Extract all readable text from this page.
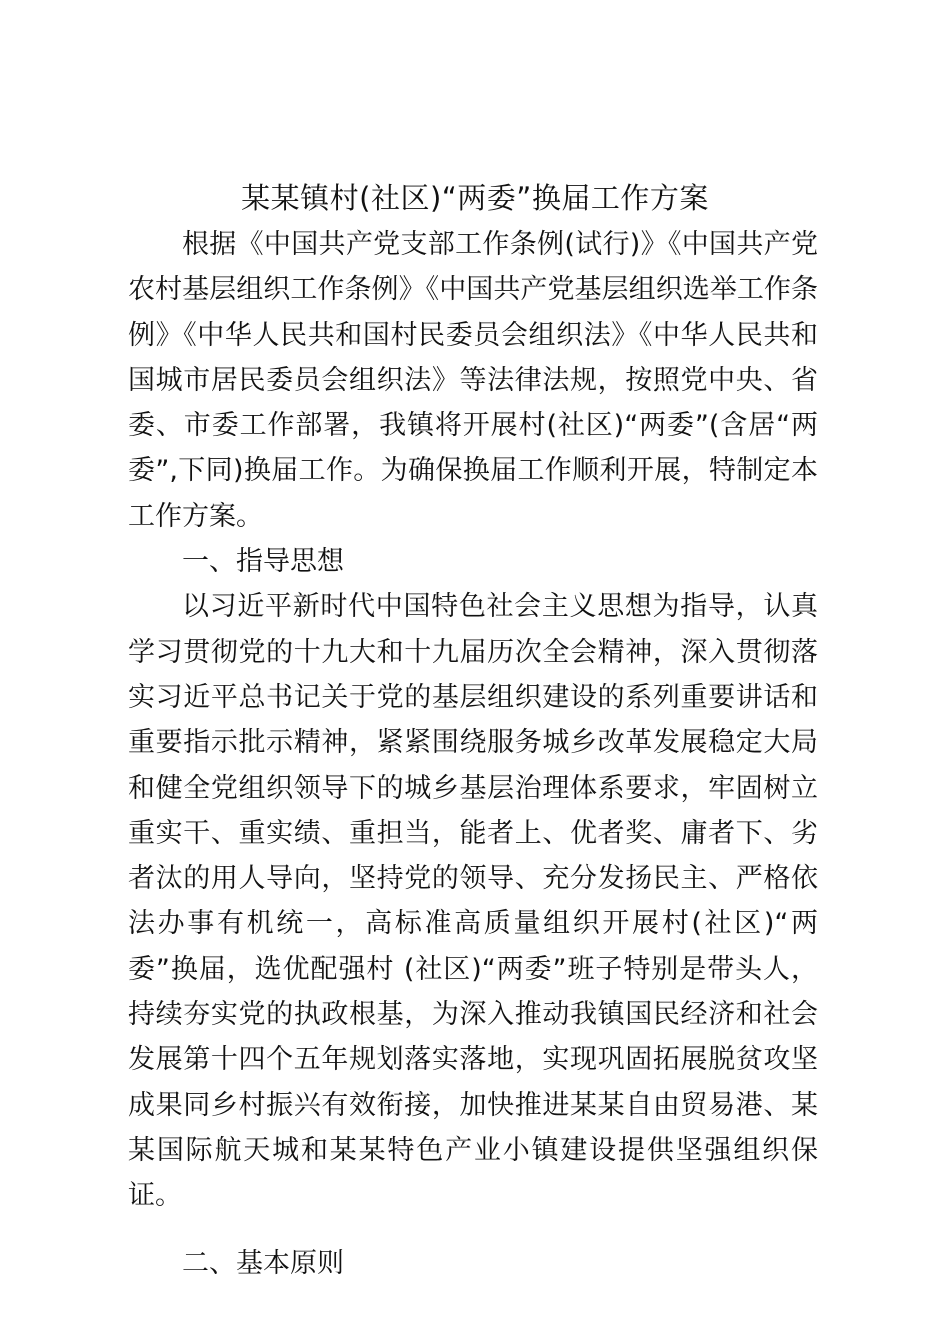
某某镇村(社区)“两委”换届工作方案

根据《中国共产党支部工作条例(试行)》《中国共产党农村基层组织工作条例》《中国共产党基层组织选举工作条例》《中华人民共和国村民委员会组织法》《中华人民共和国城市居民委员会组织法》等法律法规，按照党中央、省委、市委工作部署，我镇将开展村(社区)“两委”(含居“两委”,下同)换届工作。为确保换届工作顺利开展，特制定本工作方案。

一、指导思想

以习近平新时代中国特色社会主义思想为指导，认真学习贯彻党的十九大和十九届历次全会精神，深入贯彻落实习近平总书记关于党的基层组织建设的系列重要讲话和重要指示批示精神，紧紧围绕服务城乡改革发展稳定大局和健全党组织领导下的城乡基层治理体系要求，牢固树立重实干、重实绩、重担当，能者上、优者奖、庸者下、劣者汰的用人导向，坚持党的领导、充分发扬民主、严格依法办事有机统一，高标准高质量组织开展村(社区)“两委”换届，选优配强村 (社区)“两委”班子特别是带头人，持续夯实党的执政根基，为深入推动我镇国民经济和社会发展第十四个五年规划落实落地，实现巩固拓展脱贫攻坚成果同乡村振兴有效衔接，加快推进某某自由贸易港、某某国际航天城和某某特色产业小镇建设提供坚强组织保证。

二、基本原则
